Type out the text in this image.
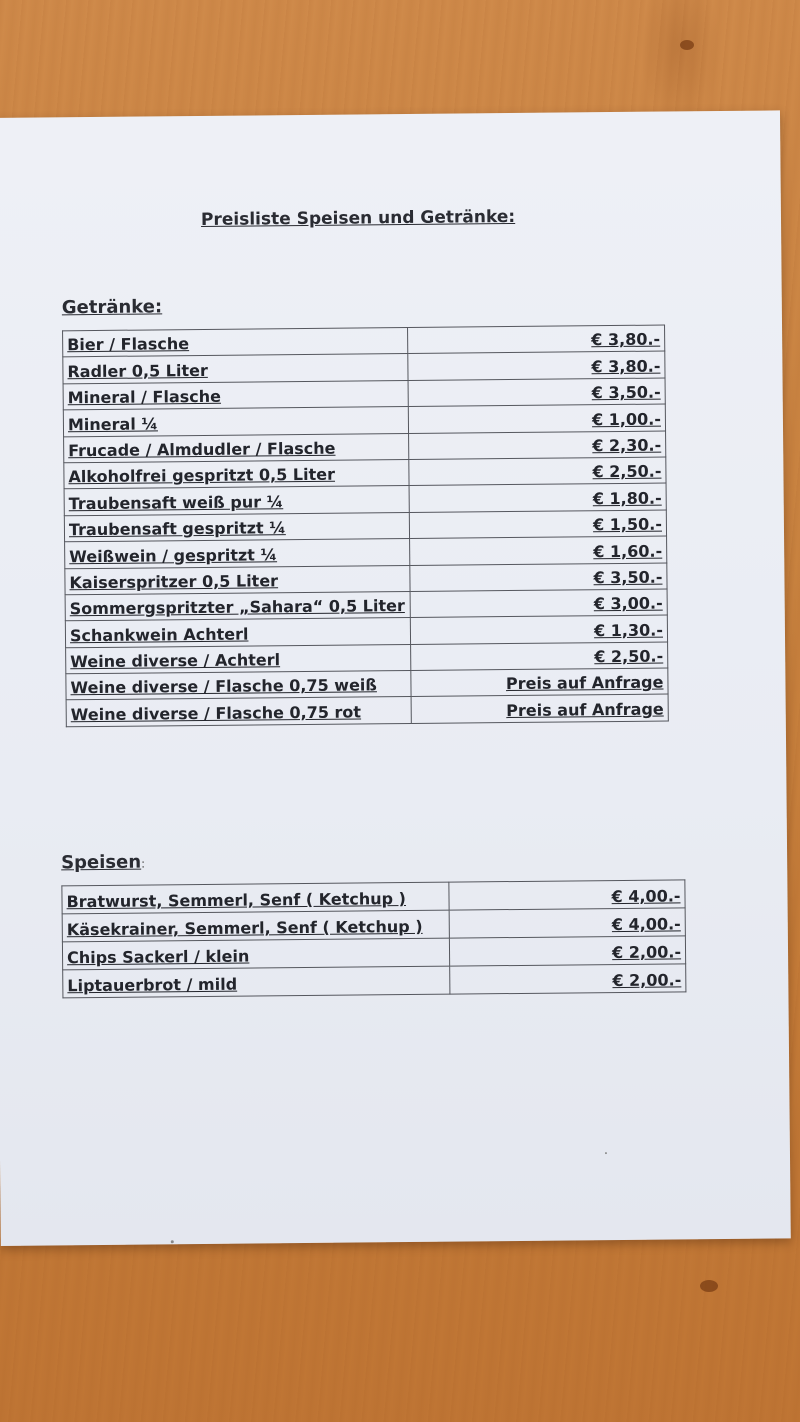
Preisliste Speisen und Getränke:
Getränke:
Bier / Flasche	€ 3,80.-
Radler 0,5 Liter	€ 3,80.-
Mineral / Flasche	€ 3,50.-
Mineral ¼	€ 1,00.-
Frucade / Almdudler / Flasche	€ 2,30.-
Alkoholfrei gespritzt 0,5 Liter	€ 2,50.-
Traubensaft weiß pur ¼	€ 1,80.-
Traubensaft gespritzt ¼	€ 1,50.-
Weißwein / gespritzt ¼	€ 1,60.-
Kaiserspritzer 0,5 Liter	€ 3,50.-
Sommergspritzter „Sahara“ 0,5 Liter	€ 3,00.-
Schankwein Achterl	€ 1,30.-
Weine diverse / Achterl	€ 2,50.-
Weine diverse / Flasche 0,75 weiß	Preis auf Anfrage
Weine diverse / Flasche 0,75 rot	Preis auf Anfrage
Speisen:
Bratwurst, Semmerl, Senf ( Ketchup )	€ 4,00.-
Käsekrainer, Semmerl, Senf ( Ketchup )	€ 4,00.-
Chips Sackerl / klein	€ 2,00.-
Liptauerbrot / mild	€ 2,00.-
